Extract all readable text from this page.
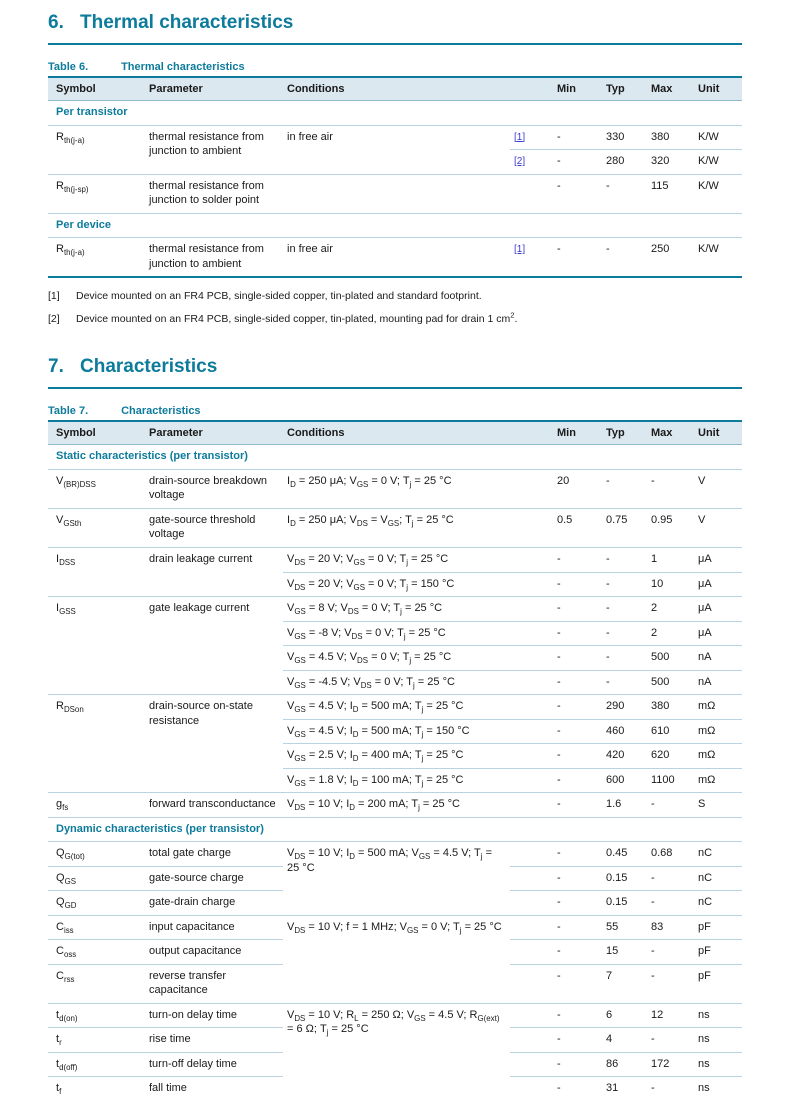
6. Thermal characteristics

Table 6.	Thermal characteristics

Symbol	Parameter	Conditions		Min	Typ	Max	Unit
Per transistor							
$R_{th(j-a)}$	thermal resistance from junction to ambient	in free air	[1]	-	330	380	K/W
			[2]	-	280	320	K/W
$R_{th(j-sp)}$	thermal resistance from junction to solder point			-	-	115	K/W
Per device							
$R_{th(j-a)}$	thermal resistance from junction to ambient	in free air	[1]	-	-	250	K/W
[1]	Device mounted on an FR4 PCB, single-sided copper, tin-plated and standard footprint.
[2]	Device mounted on an FR4 PCB, single-sided copper, tin-plated, mounting pad for drain 1 $cm^2$.
7. Characteristics

Table 7.	Characteristics

Symbol	Parameter	Conditions		Min	Typ	Max	Unit
Static characteristics (per transistor)							
$V_{(BR)DSS}$	drain-source breakdown voltage	$I_D = 250$ μA; $V_{GS} = 0$ V; $T_j = 25$ °C		20	-	-	V
$V_{GSth}$	gate-source threshold voltage	$I_D = 250$ μA; $V_{DS} = V_{GS}$; $T_j = 25$ °C		0.5	0.75	0.95	V
$I_{DSS}$	drain leakage current	$V_{DS} = 20$ V; $V_{GS} = 0$ V; $T_j = 25$ °C		-	-	1	μA
		$V_{DS} = 20$ V; $V_{GS} = 0$ V; $T_j = 150$ °C		-	-	10	μA
$I_{GSS}$	gate leakage current	$V_{GS} = 8$ V; $V_{DS} = 0$ V; $T_j = 25$ °C		-	-	2	μA
		$V_{GS} = -8$ V; $V_{DS} = 0$ V; $T_j = 25$ °C		-	-	2	μA
		$V_{GS} = 4.5$ V; $V_{DS} = 0$ V; $T_j = 25$ °C		-	-	500	nA
		$V_{GS} = -4.5$ V; $V_{DS} = 0$ V; $T_j = 25$ °C		-	-	500	nA
$R_{DSon}$	drain-source on-state resistance	$V_{GS} = 4.5$ V; $I_D = 500$ mA; $T_j = 25$ °C		-	290	380	mΩ
		$V_{GS} = 4.5$ V; $I_D = 500$ mA; $T_j = 150$ °C		-	460	610	mΩ
		$V_{GS} = 2.5$ V; $I_D = 400$ mA; $T_j = 25$ °C		-	420	620	mΩ
		$V_{GS} = 1.8$ V; $I_D = 100$ mA; $T_j = 25$ °C		-	600	1100	mΩ
$g_{fs}$	forward transconductance	$V_{DS} = 10$ V; $I_D = 200$ mA; $T_j = 25$ °C		-	1.6	-	S
Dynamic characteristics (per transistor)							
$Q_{G(tot)}$	total gate charge	$V_{DS} = 10$ V; $I_D = 500$ mA; $V_{GS} = 4.5$ V; $T_j = 25$ °C		-	0.45	0.68	nC
$Q_{GS}$	gate-source charge			-	0.15	-	nC
$Q_{GD}$	gate-drain charge			-	0.15	-	nC
$C_{iss}$	input capacitance	$V_{DS} = 10$ V; f = 1 MHz; $V_{GS} = 0$ V; $T_j = 25$ °C		-	55	83	pF
$C_{oss}$	output capacitance			-	15	-	pF
$C_{rss}$	reverse transfer capacitance			-	7	-	pF
$t_{d(on)}$	turn-on delay time	$V_{DS} = 10$ V; $R_L = 250$ Ω; $V_{GS} = 4.5$ V; $R_{G(ext)} = 6$ Ω; $T_j = 25$ °C		-	6	12	ns
$t_r$	rise time			-	4	-	ns
$t_{d(off)}$	turn-off delay time			-	86	172	ns
$t_f$	fall time			-	31	-	ns
